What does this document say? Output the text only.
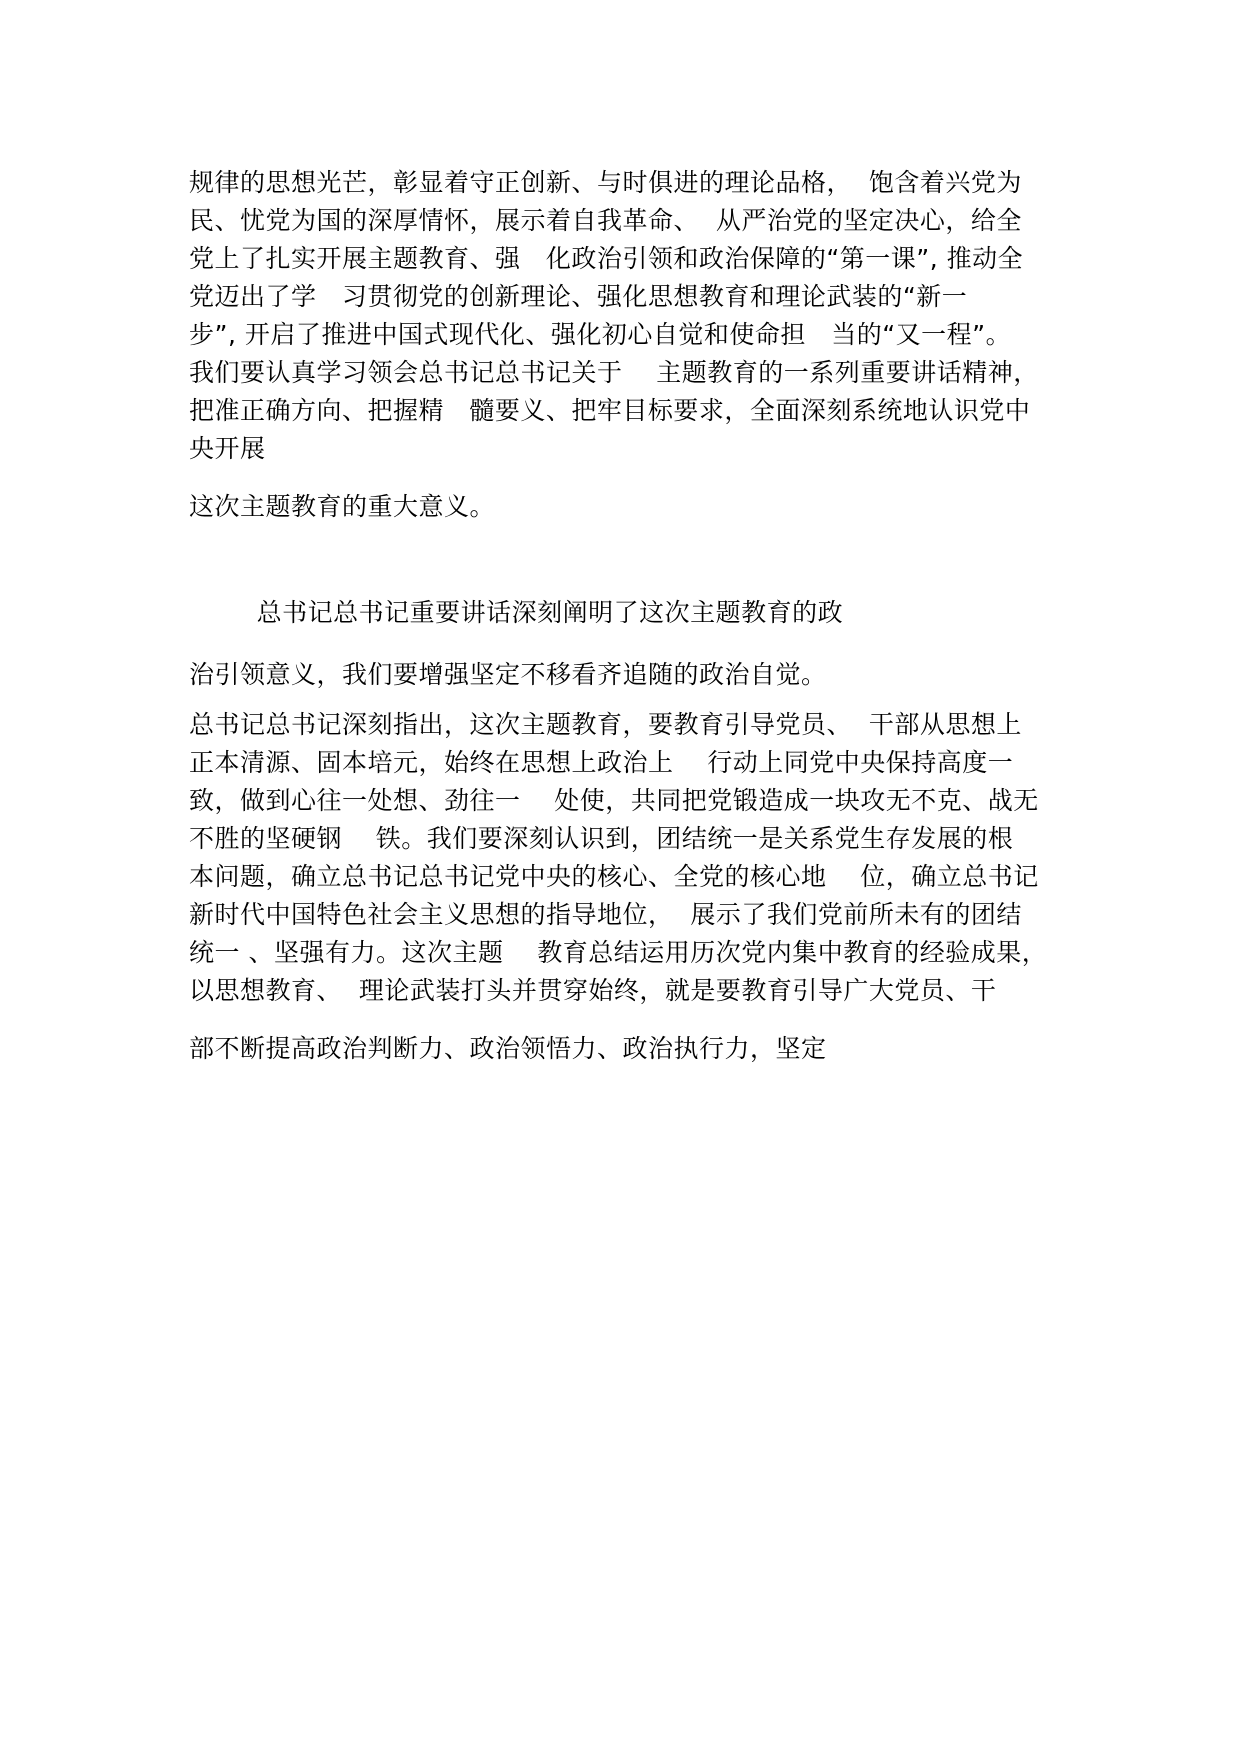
规律的思想光芒，彰显着守正创新、与时俱进的理论品格，  饱含着兴党为
民、忧党为国的深厚情怀，展示着自我革命、  从严治党的坚定决心，给全
党上了扎实开展主题教育、强   化政治引领和政治保障的“第一课”, 推动全
党迈出了学   习贯彻党的创新理论、强化思想教育和理论武装的“新一
步”, 开启了推进中国式现代化、强化初心自觉和使命担   当的“又一程”。
我们要认真学习领会总书记总书记关于    主题教育的一系列重要讲话精神，
把准正确方向、把握精   髓要义、把牢目标要求，全面深刻系统地认识党中
央开展
这次主题教育的重大意义。
总书记总书记重要讲话深刻阐明了这次主题教育的政
治引领意义，我们要增强坚定不移看齐追随的政治自觉。
总书记总书记深刻指出，这次主题教育，要教育引导党员、  干部从思想上
正本清源、固本培元，始终在思想上政治上    行动上同党中央保持高度一
致，做到心往一处想、劲往一    处使，共同把党锻造成一块攻无不克、战无
不胜的坚硬钢    铁。我们要深刻认识到，团结统一是关系党生存发展的根
本问题，确立总书记总书记党中央的核心、全党的核心地    位，确立总书记
新时代中国特色社会主义思想的指导地位，  展示了我们党前所未有的团结
统一 、坚强有力。这次主题    教育总结运用历次党内集中教育的经验成果，
以思想教育、  理论武装打头并贯穿始终，就是要教育引导广大党员、干
部不断提高政治判断力、政治领悟力、政治执行力，坚定
